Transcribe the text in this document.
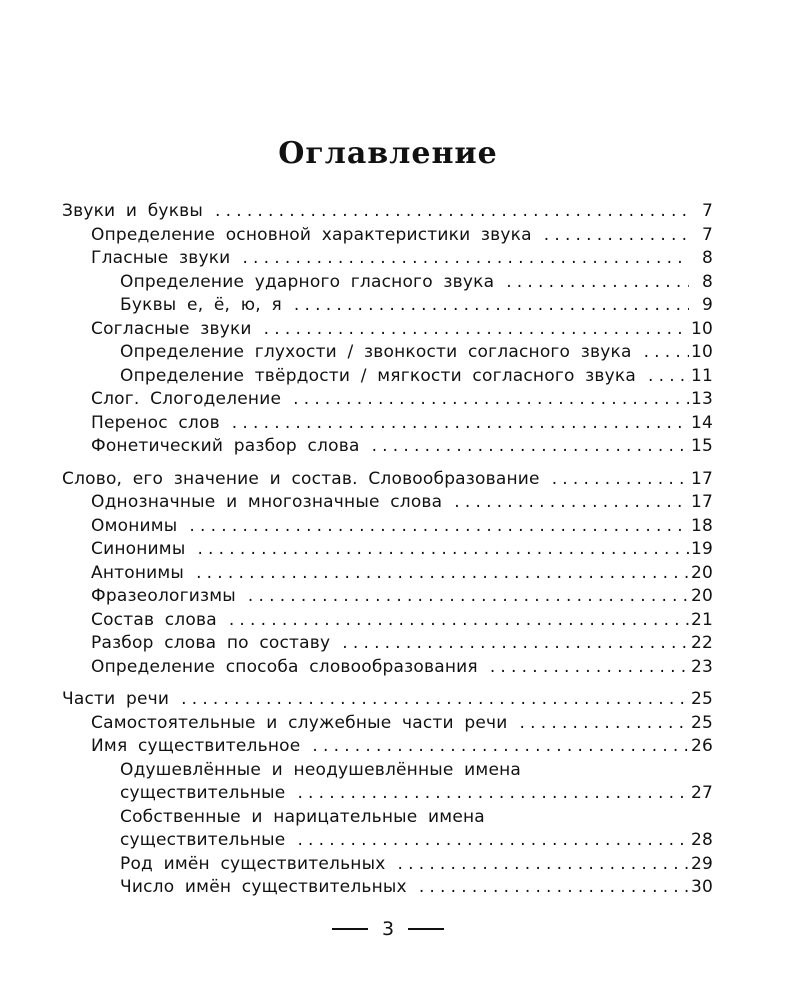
Оглавление
Звуки и буквы .....	7
Определение основной характеристики звука .....	7
Гласные звуки .....	8
Определение ударного гласного звука .....	8
Буквы е, ё, ю, я .....	9
Согласные звуки .....	10
Определение глухости / звонкости согласного звука .....	10
Определение твёрдости / мягкости согласного звука .....	11
Слог. Слогоделение .....	13
Перенос слов .....	14
Фонетический разбор слова .....	15
Слово, его значение и состав. Словообразование .....	17
Однозначные и многозначные слова .....	17
Омонимы .....	18
Синонимы .....	19
Антонимы .....	20
Фразеологизмы .....	20
Состав слова .....	21
Разбор слова по составу .....	22
Определение способа словообразования .....	23
Части речи .....	25
Самостоятельные и служебные части речи .....	25
Имя существительное .....	26
Одушевлённые и неодушевлённые имена
существительные .....	27
Собственные и нарицательные имена
существительные .....	28
Род имён существительных .....	29
Число имён существительных .....	30
3
